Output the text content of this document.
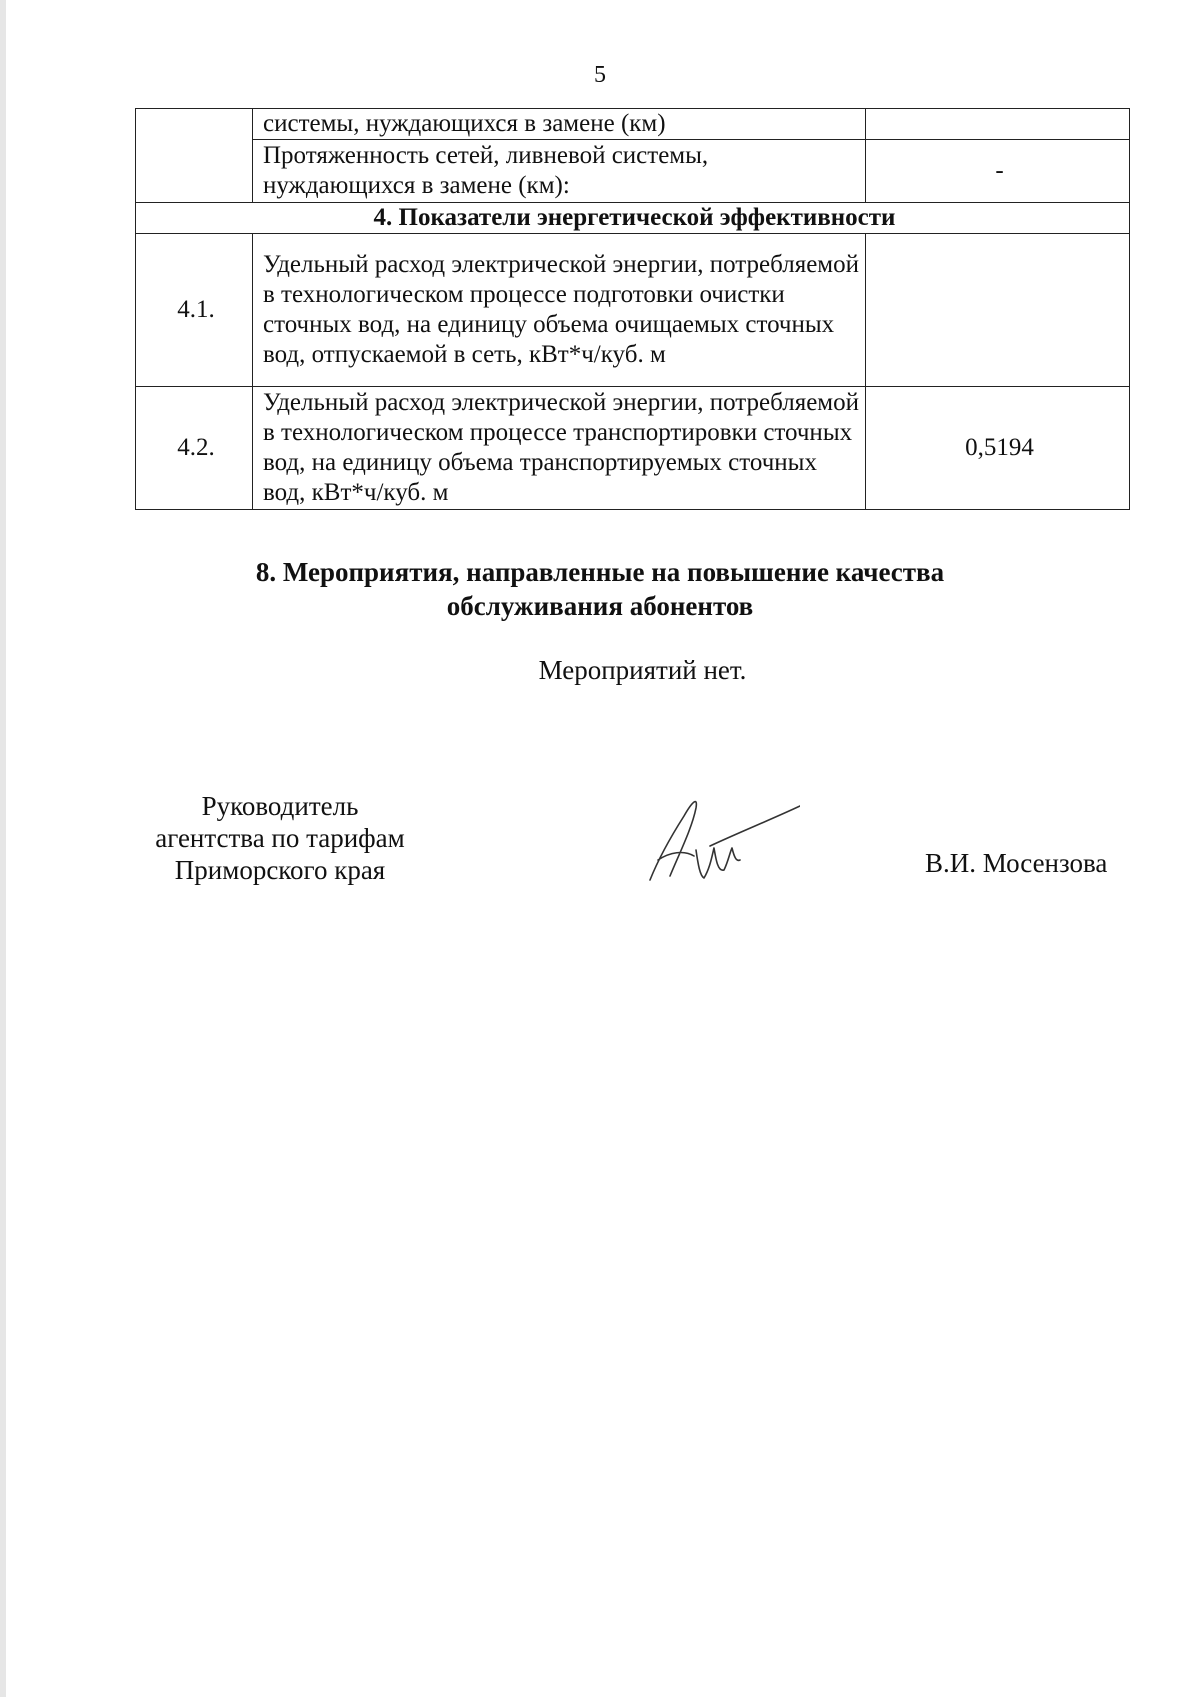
5
	системы, нуждающихся в замене (км)	
	Протяженность сетей, ливневой системы, нуждающихся в замене (км):	-
4. Показатели энергетической эффективности		
4.1.	Удельный расход электрической энергии, потребляемой в технологическом процессе подготовки очистки сточных вод, на единицу объема очищаемых сточных вод, отпускаемой в сеть, кВт*ч/куб. м	
4.2.	Удельный расход электрической энергии, потребляемой в технологическом процессе транспортировки сточных вод, на единицу объема транспортируемых сточных вод, кВт*ч/куб. м	0,5194
8. Мероприятия, направленные на повышение качества
обслуживания абонентов
Мероприятий нет.
Руководитель
агентства по тарифам
Приморского края	В.И. Мосензова
